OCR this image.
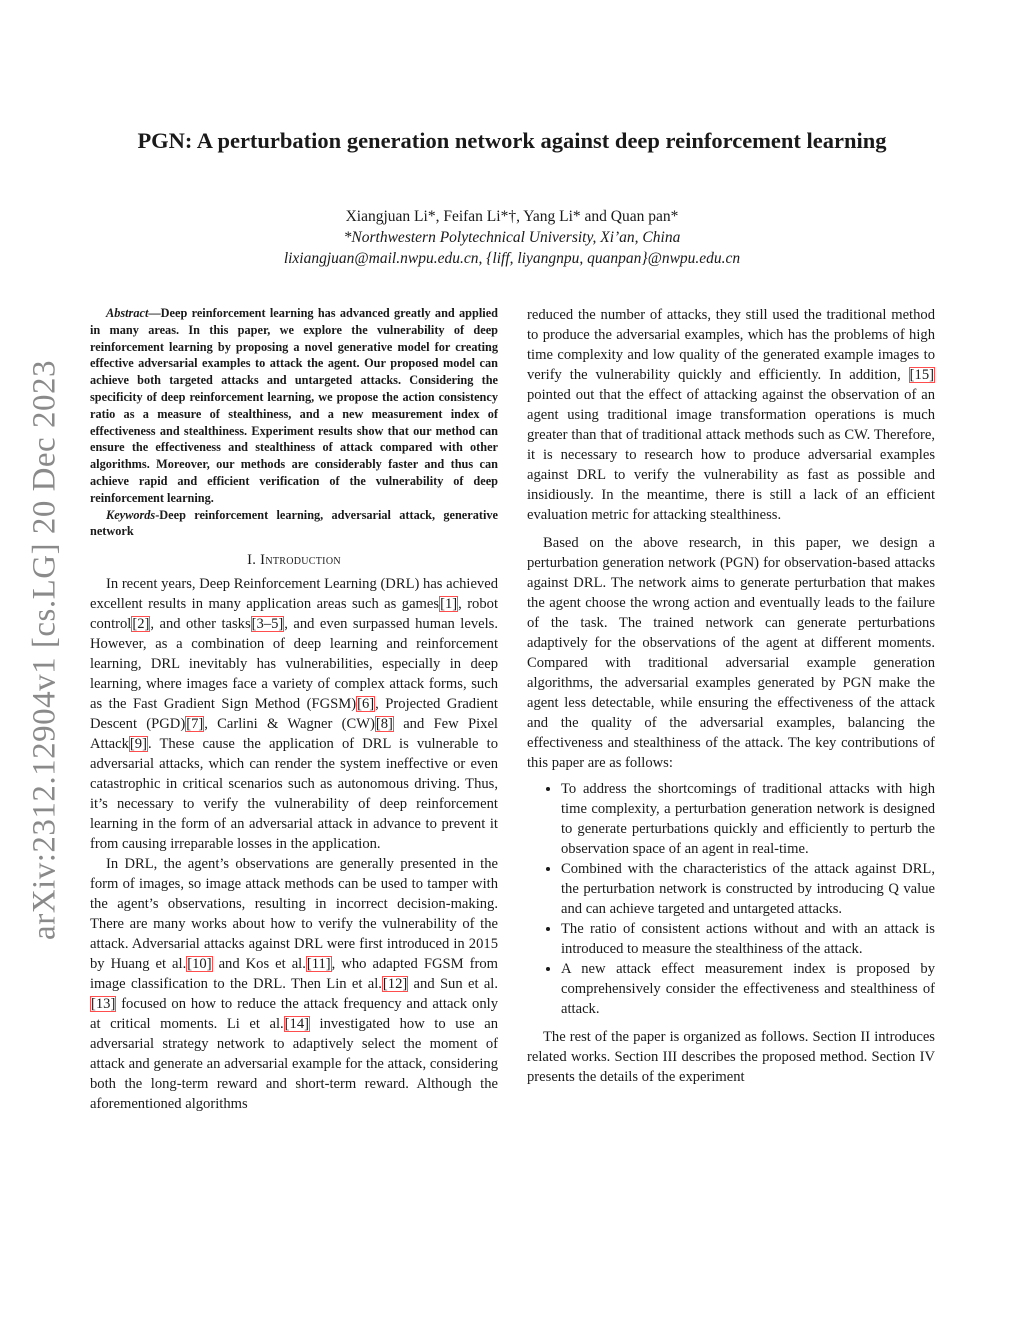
arXiv:2312.12904v1 [cs.LG] 20 Dec 2023
PGN: A perturbation generation network against deep reinforcement learning
Xiangjuan Li*, Feifan Li*†, Yang Li* and Quan pan*
*Northwestern Polytechnical University, Xi’an, China
lixiangjuan@mail.nwpu.edu.cn, {liff, liyangnpu, quanpan}@nwpu.edu.cn

Abstract—Deep reinforcement learning has advanced greatly and applied in many areas. In this paper, we explore the vulnerability of deep reinforcement learning by proposing a novel generative model for creating effective adversarial examples to attack the agent. Our proposed model can achieve both targeted attacks and untargeted attacks. Considering the specificity of deep reinforcement learning, we propose the action consistency ratio as a measure of stealthiness, and a new measurement index of effectiveness and stealthiness. Experiment results show that our method can ensure the effectiveness and stealthiness of attack compared with other algorithms. Moreover, our methods are considerably faster and thus can achieve rapid and efficient verification of the vulnerability of deep reinforcement learning.

Keywords-Deep reinforcement learning, adversarial attack, generative network

I. Introduction

In recent years, Deep Reinforcement Learning (DRL) has achieved excellent results in many application areas such as games[1], robot control[2], and other tasks[3–5], and even surpassed human levels. However, as a combination of deep learning and reinforcement learning, DRL inevitably has vulnerabilities, especially in deep learning, where images face a variety of complex attack forms, such as the Fast Gradient Sign Method (FGSM)[6], Projected Gradient Descent (PGD)[7], Carlini & Wagner (CW)[8] and Few Pixel Attack[9]. These cause the application of DRL is vulnerable to adversarial attacks, which can render the system ineffective or even catastrophic in critical scenarios such as autonomous driving. Thus, it’s necessary to verify the vulnerability of deep reinforcement learning in the form of an adversarial attack in advance to prevent it from causing irreparable losses in the application.

In DRL, the agent’s observations are generally presented in the form of images, so image attack methods can be used to tamper with the agent’s observations, resulting in incorrect decision-making. There are many works about how to verify the vulnerability of the attack. Adversarial attacks against DRL were first introduced in 2015 by Huang et al.[10] and Kos et al.[11], who adapted FGSM from image classification to the DRL. Then Lin et al.[12] and Sun et al.[13] focused on how to reduce the attack frequency and attack only at critical moments. Li et al.[14] investigated how to use an adversarial strategy network to adaptively select the moment of attack and generate an adversarial example for the attack, considering both the long-term reward and short-term reward. Although the aforementioned algorithms

reduced the number of attacks, they still used the traditional method to produce the adversarial examples, which has the problems of high time complexity and low quality of the generated example images to verify the vulnerability quickly and efficiently. In addition, [15] pointed out that the effect of attacking against the observation of an agent using traditional image transformation operations is much greater than that of traditional attack methods such as CW. Therefore, it is necessary to research how to produce adversarial examples against DRL to verify the vulnerability as fast as possible and insidiously. In the meantime, there is still a lack of an efficient evaluation metric for attacking stealthiness.

Based on the above research, in this paper, we design a perturbation generation network (PGN) for observation-based attacks against DRL. The network aims to generate perturbation that makes the agent choose the wrong action and eventually leads to the failure of the task. The trained network can generate perturbations adaptively for the observations of the agent at different moments. Compared with traditional adversarial example generation algorithms, the adversarial examples generated by PGN make the agent less detectable, while ensuring the effectiveness of the attack and the quality of the adversarial examples, balancing the effectiveness and stealthiness of the attack. The key contributions of this paper are as follows:

• To address the shortcomings of traditional attacks with high time complexity, a perturbation generation network is designed to generate perturbations quickly and efficiently to perturb the observation space of an agent in real-time.
• Combined with the characteristics of the attack against DRL, the perturbation network is constructed by introducing Q value and can achieve targeted and untargeted attacks.
• The ratio of consistent actions without and with an attack is introduced to measure the stealthiness of the attack.
• A new attack effect measurement index is proposed by comprehensively consider the effectiveness and stealthiness of attack.

The rest of the paper is organized as follows. Section II introduces related works. Section III describes the proposed method. Section IV presents the details of the experiment
